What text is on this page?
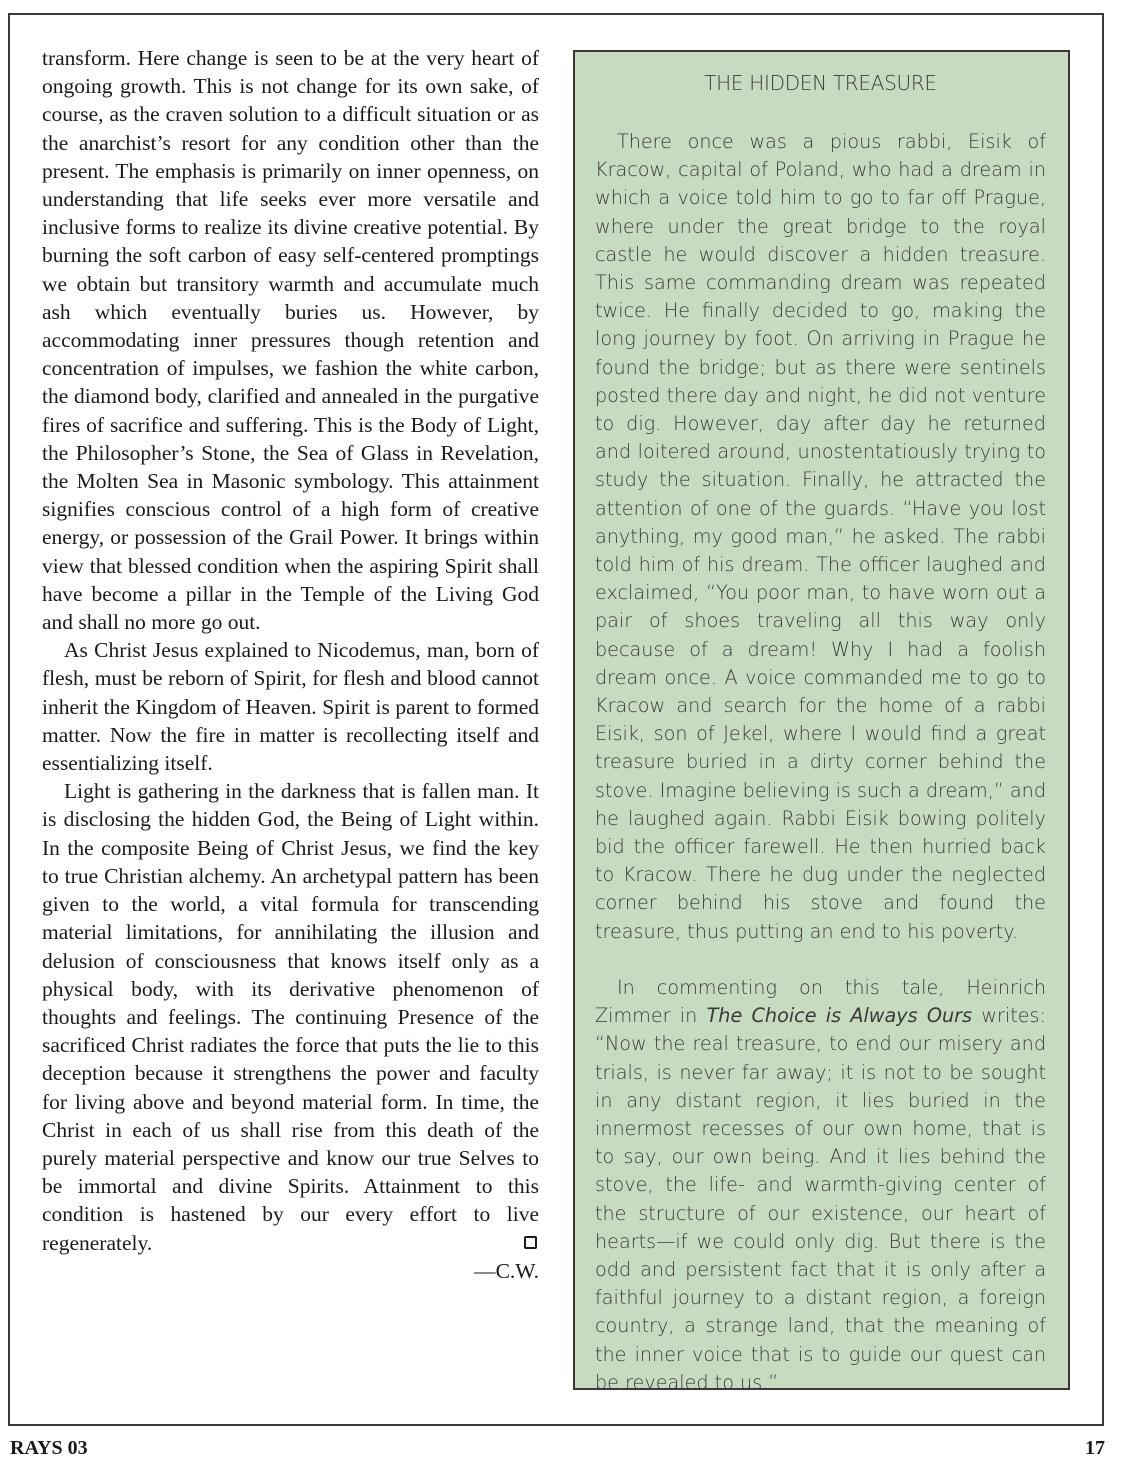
transform. Here change is seen to be at the very heart of ongoing growth. This is not change for its own sake, of course, as the craven solution to a difficult situation or as the anarchist’s resort for any condition other than the present. The emphasis is primarily on inner openness, on understanding that life seeks ever more versatile and inclusive forms to realize its divine creative potential. By burning the soft carbon of easy self-centered promptings we obtain but transitory warmth and accumulate much ash which eventually buries us. However, by accommodating inner pressures though retention and concentration of impulses, we fashion the white carbon, the diamond body, clarified and annealed in the purgative fires of sacrifice and suffering. This is the Body of Light, the Philosopher’s Stone, the Sea of Glass in Revelation, the Molten Sea in Masonic symbology. This attainment signifies conscious control of a high form of creative energy, or possession of the Grail Power. It brings within view that blessed condition when the aspiring Spirit shall have become a pillar in the Temple of the Living God and shall no more go out.

As Christ Jesus explained to Nicodemus, man, born of flesh, must be reborn of Spirit, for flesh and blood cannot inherit the Kingdom of Heaven. Spirit is parent to formed matter. Now the fire in matter is recollecting itself and essentializing itself.

Light is gathering in the darkness that is fallen man. It is disclosing the hidden God, the Being of Light within. In the composite Being of Christ Jesus, we find the key to true Christian alchemy. An archetypal pattern has been given to the world, a vital formula for transcending material limitations, for annihilating the illusion and delusion of consciousness that knows itself only as a physical body, with its derivative phenomenon of thoughts and feelings. The continuing Presence of the sacrificed Christ radiates the force that puts the lie to this deception because it strengthens the power and faculty for living above and beyond material form. In time, the Christ in each of us shall rise from this death of the purely material perspective and know our true Selves to be immortal and divine Spirits. Attainment to this condition is hastened by our every effort to live regenerately.

—C.W.

THE HIDDEN TREASURE

There once was a pious rabbi, Eisik of Kracow, capital of Poland, who had a dream in which a voice told him to go to far off Prague, where under the great bridge to the royal castle he would discover a hidden treasure. This same commanding dream was repeated twice. He finally decided to go, making the long journey by foot. On arriving in Prague he found the bridge; but as there were sentinels posted there day and night, he did not venture to dig. However, day after day he returned and loitered around, unostentatiously trying to study the situation. Finally, he attracted the attention of one of the guards. “Have you lost anything, my good man,” he asked. The rabbi told him of his dream. The officer laughed and exclaimed, “You poor man, to have worn out a pair of shoes traveling all this way only because of a dream! Why I had a foolish dream once. A voice commanded me to go to Kracow and search for the home of a rabbi Eisik, son of Jekel, where I would find a great treasure buried in a dirty corner behind the stove. Imagine believing is such a dream,” and he laughed again. Rabbi Eisik bowing politely bid the officer farewell. He then hurried back to Kracow. There he dug under the neglected corner behind his stove and found the treasure, thus putting an end to his poverty.

In commenting on this tale, Heinrich Zimmer in The Choice is Always Ours writes: “Now the real treasure, to end our misery and trials, is never far away; it is not to be sought in any distant region, it lies buried in the innermost recesses of our own home, that is to say, our own being. And it lies behind the stove, the life- and warmth-giving center of the structure of our existence, our heart of hearts—if we could only dig. But there is the odd and persistent fact that it is only after a faithful journey to a distant region, a foreign country, a strange land, that the meaning of the inner voice that is to guide our quest can be revealed to us.”

RAYS 03	17
